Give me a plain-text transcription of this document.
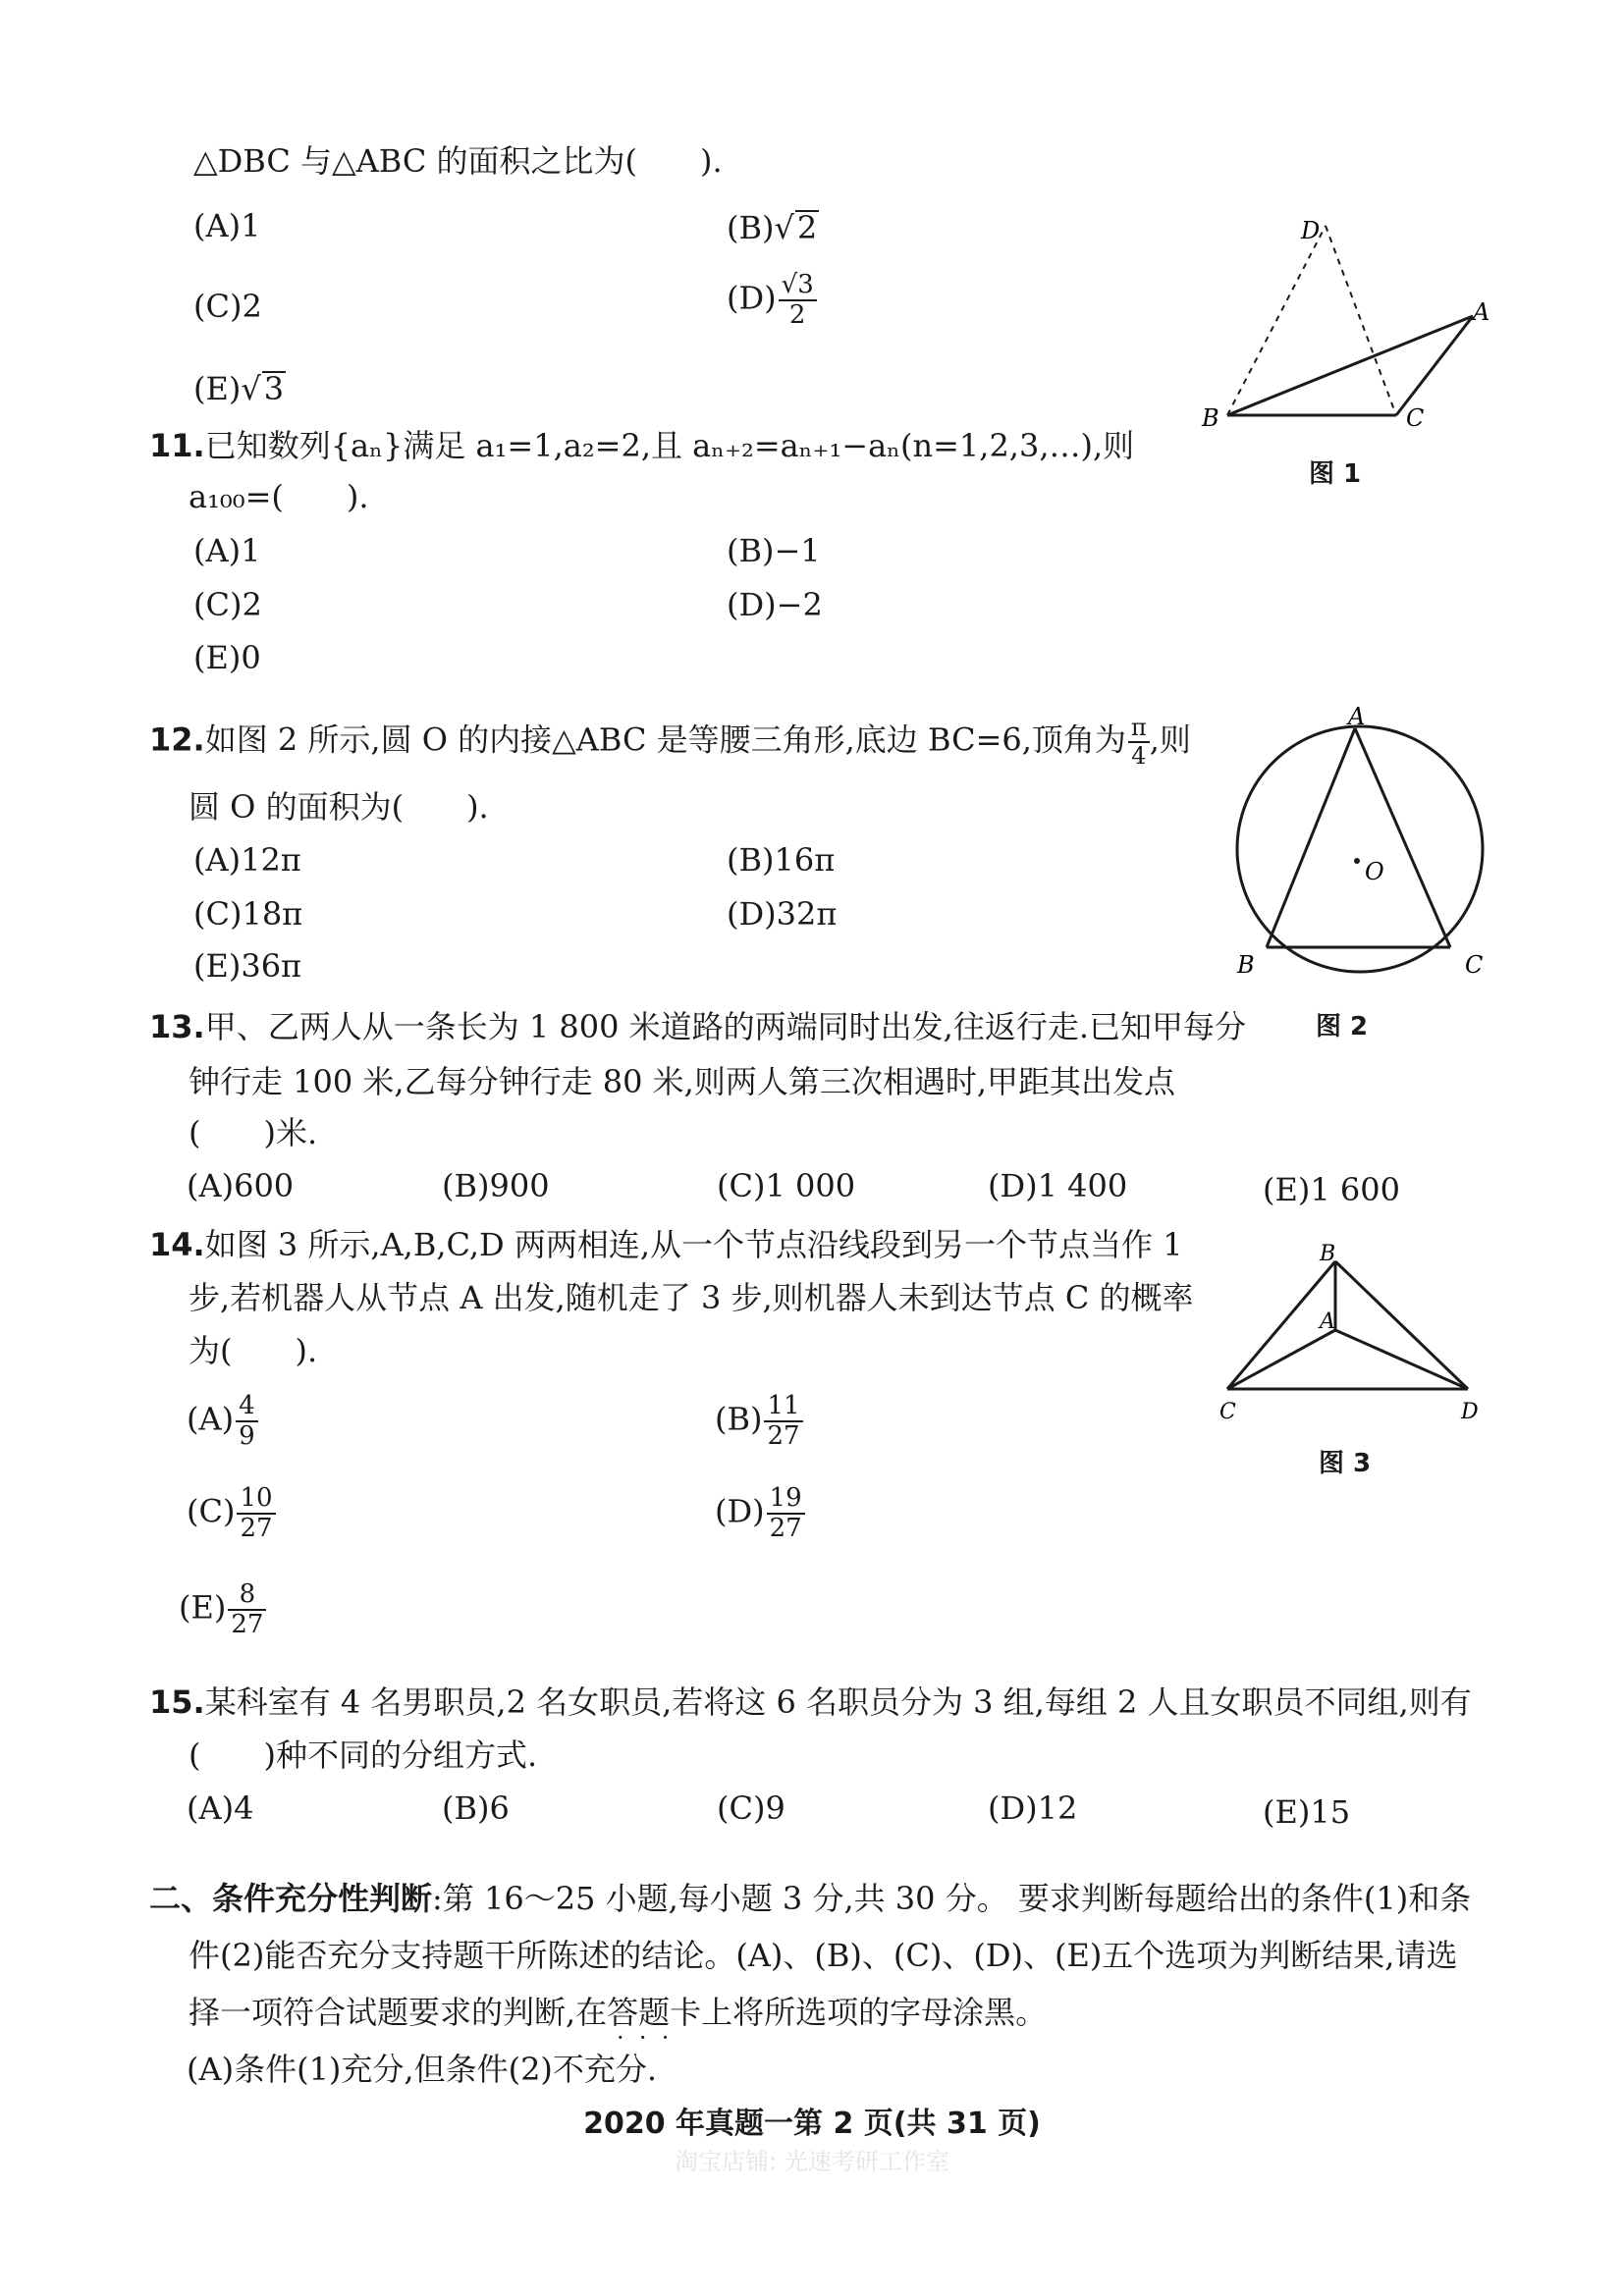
△DBC 与△ABC 的面积之比为(　　).
(A)1	(B)√2
(C)2	$(D) \frac{√3}{2}$
(E)√3
11.已知数列{aₙ}满足 a₁=1,a₂=2,且 aₙ₊₂=aₙ₊₁−aₙ(n=1,2,3,…),则
a₁₀₀=(　　).
(A)1	(B)−1
(C)2	(D)−2
(E)0
12.如图 2 所示,圆 O 的内接△ABC 是等腰三角形,底边 BC=6,顶角为 $\frac{\pi}{4}$ ,则
圆 O 的面积为(　　).
(A)12π	(B)16π
(C)18π	(D)32π
(E)36π
13.甲、乙两人从一条长为 1 800 米道路的两端同时出发,往返行走.已知甲每分
钟行走 100 米,乙每分钟行走 80 米,则两人第三次相遇时,甲距其出发点
(　　)米.
(A)600	(B)900	(C)1 000	(D)1 400	(E)1 600
14.如图 3 所示,A,B,C,D 两两相连,从一个节点沿线段到另一个节点当作 1
步,若机器人从节点 A 出发,随机走了 3 步,则机器人未到达节点 C 的概率
为(　　).
$(A) \frac{4}{9}$	$(B) \frac{11}{27}$
$(C) \frac{10}{27}$	$(D) \frac{19}{27}$
$(E) \frac{8}{27}$
15.某科室有 4 名男职员,2 名女职员,若将这 6 名职员分为 3 组,每组 2 人且女职员不同组,则有
(　　)种不同的分组方式.
(A)4	(B)6	(C)9	(D)12	(E)15
二、条件充分性判断:第 16～25 小题,每小题 3 分,共 30 分。 要求判断每题给出的条件(1)和条
件(2)能否充分支持题干所陈述的结论。(A)、(B)、(C)、(D)、(E)五个选项为判断结果,请选
择一项符合试题要求的判断,在答题卡上将所选项的字母涂黑。
·  ·  ·
(A)条件(1)充分,但条件(2)不充分.
D
A
B	C
图 1
A
O
B	C
图 2
B
A
C	D
图 3
2020 年真题一第 2 页(共 31 页)
淘宝店铺: 光速考研工作室
